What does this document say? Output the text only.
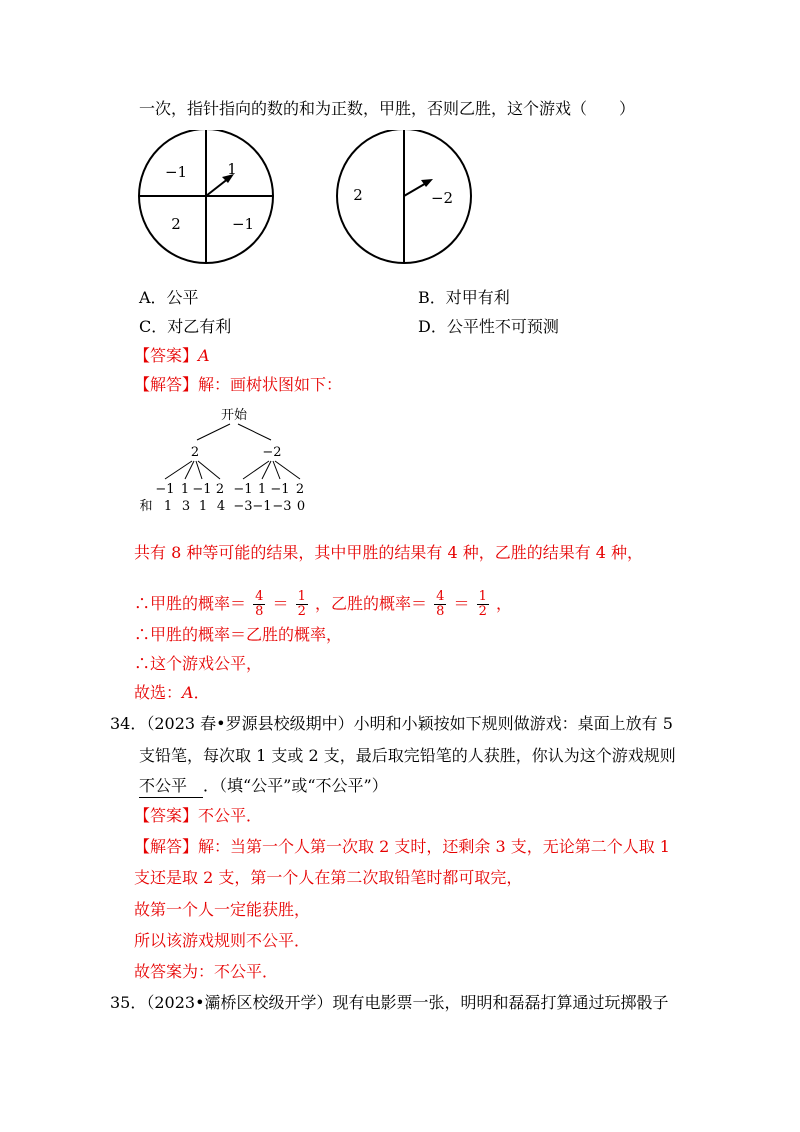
一次，指针指向的数的和为正数，甲胜，否则乙胜，这个游戏（　　）
−1	1
2	−1
2	−2
A．公平	B．对甲有利
C．对乙有利	D．公平性不可预测
【答案】A
【解答】解：画树状图如下：
开始
2	−2
−1 1 −1 2 −1 1 −1 2
和 1 3 1 4 −3 −1 −3 0
共有 8 种等可能的结果，其中甲胜的结果有 4 种，乙胜的结果有 4 种，
∴甲胜的概率＝ $\frac{4}{8} = \frac{1}{2}$ ，乙胜的概率＝ $\frac{4}{8} = \frac{1}{2}$ ，
∴甲胜的概率＝乙胜的概率，
∴这个游戏公平，
故选：A．
34．（2023 春•罗源县校级期中）小明和小颖按如下规则做游戏：桌面上放有 5
支铅笔，每次取 1 支或 2 支，最后取完铅笔的人获胜，你认为这个游戏规则
不公平 ．（填“公平”或“不公平”）
【答案】不公平．
【解答】解：当第一个人第一次取 2 支时，还剩余 3 支，无论第二个人取 1
支还是取 2 支，第一个人在第二次取铅笔时都可取完，
故第一个人一定能获胜，
所以该游戏规则不公平．
故答案为：不公平．
35．（2023•灞桥区校级开学）现有电影票一张，明明和磊磊打算通过玩掷骰子
